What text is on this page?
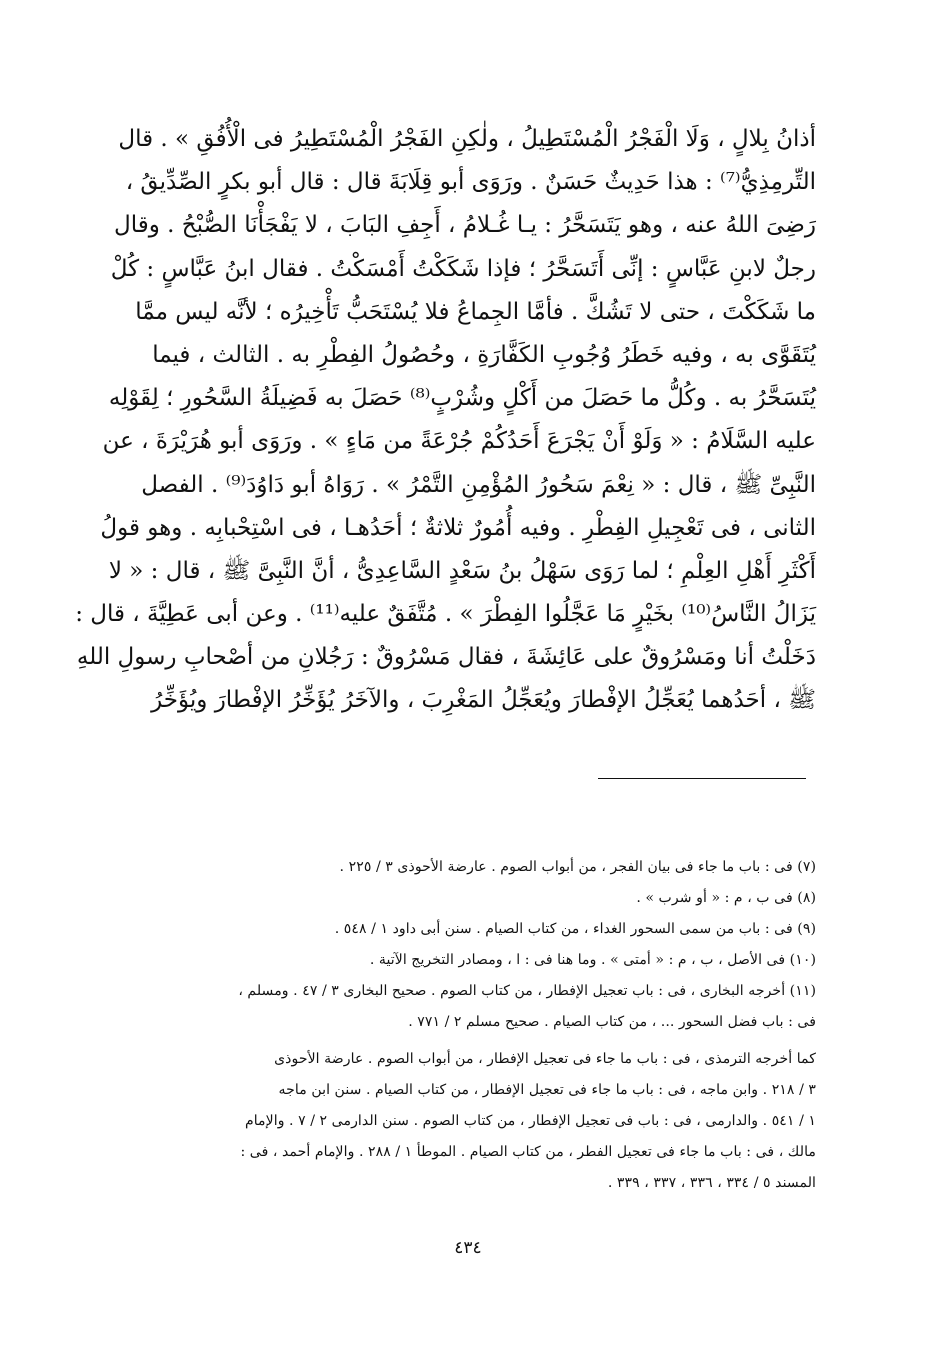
أذانُ بِلالٍ ، وَلَا الْفَجْرُ الْمُسْتَطِيلُ ، ولٰكِنِ الفَجْرُ الْمُسْتَطِيرُ فى الْأُفُقِ » . قال
التِّرمِذِيُّ⁽⁷⁾ : هذا حَدِيثٌ حَسَنٌ . ورَوَى أبو قِلَابَةَ قال : قال أبو بكرٍ الصِّدِّيقُ ،
رَضِىَ اللهُ عنه ، وهو يَتَسَحَّرُ : يـا غُـلامُ ، أَجِفِ البَابَ ، لا يَفْجَأْنَا الصُّبْحُ . وقال
رجلٌ لابنِ عَبَّاسٍ : إنِّى أَتَسَحَّرُ ؛ فإذا شَكَكْتُ أَمْسَكْتُ . فقال ابنُ عَبَّاسٍ : كُلْ
ما شَكَكْتَ ، حتى لا تَشُكَّ . فأمَّا الجِماعُ فلا يُسْتَحَبُّ تَأْخِيرُه ؛ لأنَّه ليس ممَّا
يُتَقَوَّى به ، وفيه خَطَرُ وُجُوبِ الكَفَّارَةِ ، وحُصُولُ الفِطْرِ به . الثالث ، فيما
يُتَسَحَّرُ به . وكُلُّ ما حَصَلَ من أَكْلٍ وشُرْبٍ⁽⁸⁾ حَصَلَ به فَضِيلَةُ السَّحُورِ ؛ لِقَوْلِه
عليه السَّلَامُ : « وَلَوْ أَنْ يَجْرَعَ أَحَدُكُمْ جُرْعَةً من مَاءٍ » . ورَوَى أبو هُرَيْرَةَ ، عن
النَّبِىِّ ﷺ ، قال : « نِعْمَ سَحُورُ المُؤْمِنِ التَّمْرُ » . رَوَاهُ أبو دَاوُدَ⁽⁹⁾ . الفصل
الثانى ، فى تَعْجِيلِ الفِطْرِ . وفيه أُمُورٌ ثلاثةٌ ؛ أحَدُهـا ، فى اسْتِحْبابِه . وهو قولُ
أَكْثَرِ أَهْلِ العِلْمِ ؛ لما رَوَى سَهْلُ بنُ سَعْدٍ السَّاعِدِىُّ ، أنَّ النَّبِىَّ ﷺ ، قال : « لا
يَزَالُ النَّاسُ⁽¹⁰⁾ بخَيْرٍ مَا عَجَّلُوا الفِطْرَ » . مُتَّفَقٌ عليه⁽¹¹⁾ . وعن أبى عَطِيَّةَ ، قال :
دَخَلْتُ أنا ومَسْرُوقٌ على عَائِشَةَ ، فقال مَسْرُوقٌ : رَجُلانِ من أصْحابِ رسولِ اللهِ
ﷺ ، أحَدُهما يُعَجِّلُ الإفْطارَ ويُعَجِّلُ المَغْرِبَ ، والآخَرُ يُؤَخِّرُ الإفْطارَ ويُؤَخِّرُ
(٧) فى : باب ما جاء فى بيان الفجر ، من أبواب الصوم . عارضة الأحوذى ٣ / ٢٢٥ .
(٨) فى ب ، م : « أو شرب » .
(٩) فى : باب من سمى السحور الغداء ، من كتاب الصيام . سنن أبى داود ١ / ٥٤٨ .
(١٠) فى الأصل ، ب ، م : « أمتى » . وما هنا فى : ا ، ومصادر التخريج الآتية .
(١١) أخرجه البخارى ، فى : باب تعجيل الإفطار ، من كتاب الصوم . صحيح البخارى ٣ / ٤٧ . ومسلم ،
فى : باب فضل السحور ... ، من كتاب الصيام . صحيح مسلم ٢ / ٧٧١ .
كما أخرجه الترمذى ، فى : باب ما جاء فى تعجيل الإفطار ، من أبواب الصوم . عارضة الأحوذى
٣ / ٢١٨ . وابن ماجه ، فى : باب ما جاء فى تعجيل الإفطار ، من كتاب الصيام . سنن ابن ماجه
١ / ٥٤١ . والدارمى ، فى : باب فى تعجيل الإفطار ، من كتاب الصوم . سنن الدارمى ٢ / ٧ . والإمام
مالك ، فى : باب ما جاء فى تعجيل الفطر ، من كتاب الصيام . الموطأ ١ / ٢٨٨ . والإمام أحمد ، فى :
المسند ٥ / ٣٣٤ ، ٣٣٦ ، ٣٣٧ ، ٣٣٩ .
٤٣٤
